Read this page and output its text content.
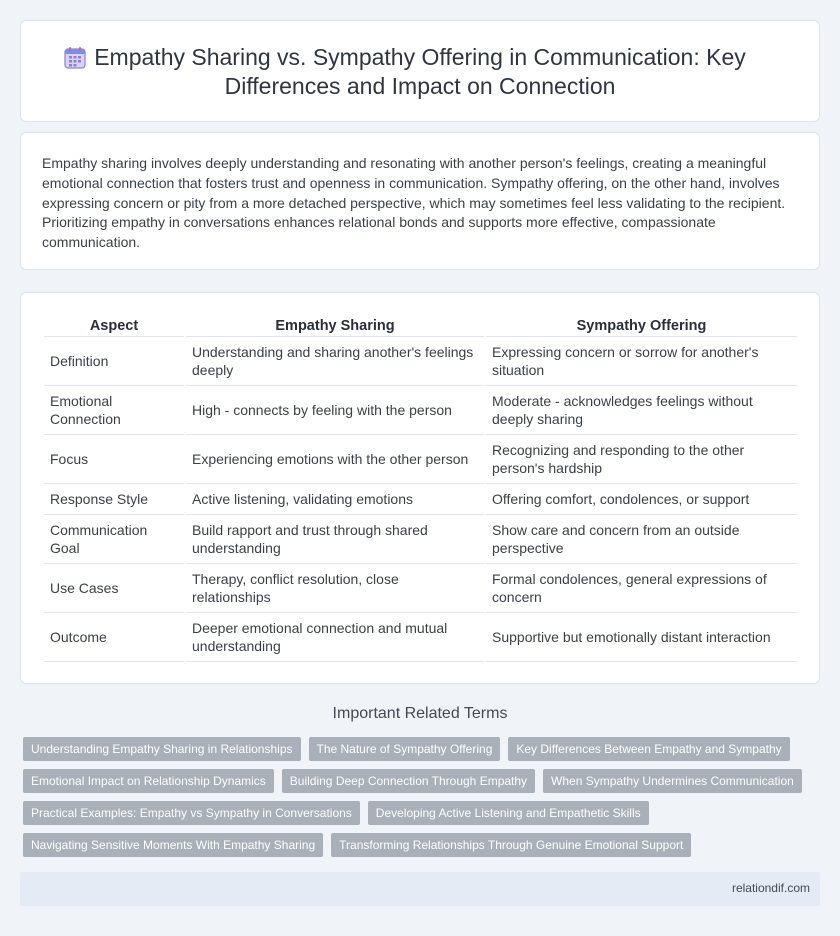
Empathy Sharing vs. Sympathy Offering in Communication: Key Differences and Impact on Connection

Empathy sharing involves deeply understanding and resonating with another person's feelings, creating a meaningful emotional connection that fosters trust and openness in communication. Sympathy offering, on the other hand, involves expressing concern or pity from a more detached perspective, which may sometimes feel less validating to the recipient. Prioritizing empathy in conversations enhances relational bonds and supports more effective, compassionate communication.

Aspect	Empathy Sharing	Sympathy Offering
Definition	Understanding and sharing another's feelings deeply	Expressing concern or sorrow for another's situation
Emotional Connection	High - connects by feeling with the person	Moderate - acknowledges feelings without deeply sharing
Focus	Experiencing emotions with the other person	Recognizing and responding to the other person's hardship
Response Style	Active listening, validating emotions	Offering comfort, condolences, or support
Communication Goal	Build rapport and trust through shared understanding	Show care and concern from an outside perspective
Use Cases	Therapy, conflict resolution, close relationships	Formal condolences, general expressions of concern
Outcome	Deeper emotional connection and mutual understanding	Supportive but emotionally distant interaction
Important Related Terms
Understanding Empathy Sharing in Relationships	The Nature of Sympathy Offering	Key Differences Between Empathy and Sympathy
Emotional Impact on Relationship Dynamics	Building Deep Connection Through Empathy	When Sympathy Undermines Communication
Practical Examples: Empathy vs Sympathy in Conversations	Developing Active Listening and Empathetic Skills
Navigating Sensitive Moments With Empathy Sharing	Transforming Relationships Through Genuine Emotional Support
relationdif.com
